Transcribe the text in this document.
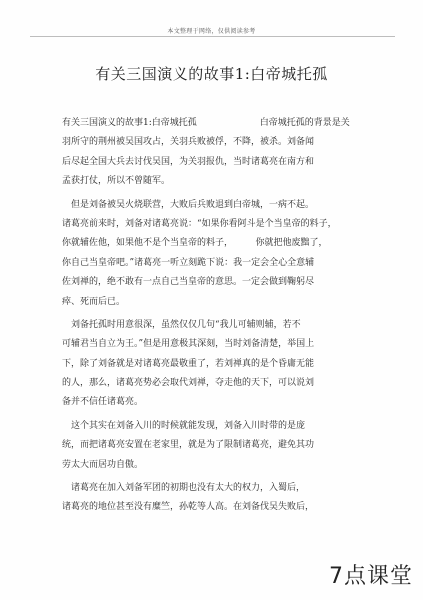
本文整理于网络，仅供阅读参考
有关三国演义的故事1:白帝城托孤
有关三国演义的故事1:白帝城托孤　　　　　　　白帝城托孤的背景是关
羽所守的荆州被吴国攻占，关羽兵败被俘，不降，被杀。刘备闻
后尽起全国大兵去讨伐吴国，为关羽报仇，当时诸葛亮在南方和
孟获打仗，所以不曾随军。
　但是刘备被吴火烧联营，大败后兵败退到白帝城，一病不起。
诸葛亮前来时，刘备对诸葛亮说：“如果你看阿斗是个当皇帝的料子，
你就辅佐他，如果他不是个当皇帝的料子，　　　你就把他废黜了，
你自己当皇帝吧。”诸葛亮一听立刻跪下说：我一定会全心全意辅
佐刘禅的，绝不敢有一点自己当皇帝的意思。一定会做到鞠躬尽
瘁、死而后已。
　刘备托孤时用意很深，虽然仅仅几句“我儿可辅则辅，若不
可辅君当自立为王。”但是用意极其深刻，当时刘备清楚，举国上
下，除了刘备就是对诸葛亮最敬重了，若刘禅真的是个昏庸无能
的人，那么，诸葛亮势必会取代刘禅，夺走他的天下，可以说刘
备并不信任诸葛亮。
　这个其实在刘备入川的时候就能发现，刘备入川时带的是庞
统，而把诸葛亮安置在老家里，就是为了限制诸葛亮，避免其功
劳太大而居功自傲。
　诸葛亮在加入刘备军团的初期也没有太大的权力，入蜀后，
诸葛亮的地位甚至没有糜竺，孙乾等人高。在刘备伐吴失败后，
7点课堂
